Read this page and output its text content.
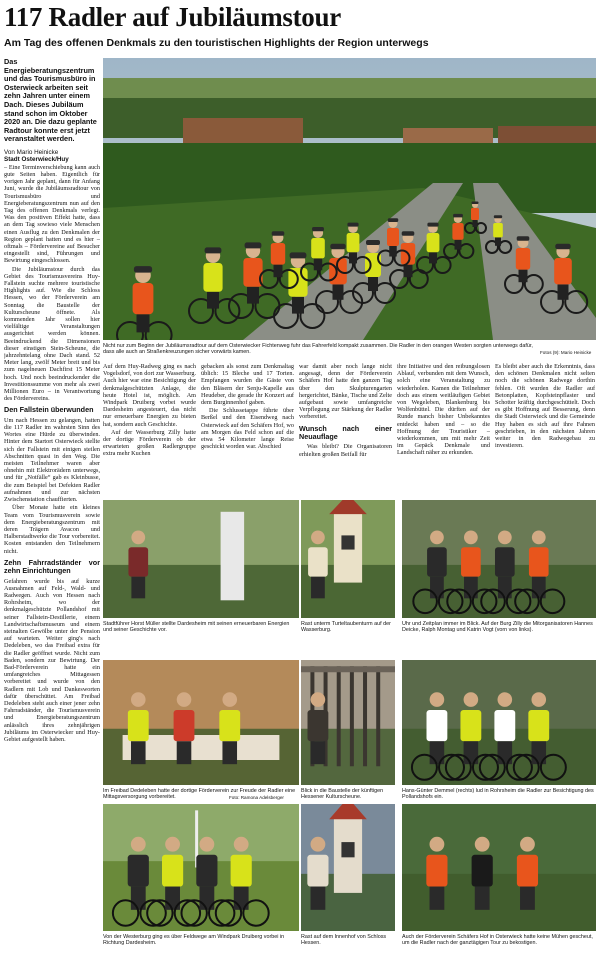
117 Radler auf Jubiläumstour
Am Tag des offenen Denkmals zu den touristischen Highlights der Region unterwegs
Das Energieberatungszentrum und das Tourismusbüro in Osterwieck arbeiten seit zehn Jahren unter einem Dach. Dieses Jubiläum stand schon im Oktober 2020 an. Die dazu geplante Radtour konnte erst jetzt veranstaltet werden.
Von Mario Heinicke
Stadt Osterwieck/Huy
– Eine Terminverschiebung kann auch gute Seiten haben. Eigentlich für vorigen Jahr geplant, dann für Anfang Juni, wurde die Jubiläumsradtour von Tourismusbüro und Energieberatungszentrum nun auf den Tag des offenen Denkmals verlegt. Was den positiven Effekt hatte, dass an dem Tag sowieso viele Menschen einen Ausflug zu den Denkmalen der Region geplant hatten und es hier – oftmals – Fördervereine auf Besucher eingestellt sind, Führungen und Bewirtung eingeschlossen.
Die Jubiläumstour durch das Gebiet des Tourismusvereins Huy-Fallstein suchte mehrere touristische Highlights auf. Wie die Schloss Hessen, wo der Förderverein am Sonntag die Baustelle der Kulturscheune öffnete. Als kommenden Jahr sollen hier vielfältige Veranstaltungen ausgerichtet werden können. Beeindruckend die Dimensionen dieser einstigen Stein-Scheune, die jahrzehntelang ohne Dach stand. 52 Meter lang, zwölf Meter breit und bis zum nagelneuen Dachfirst 15 Meter hoch. Und noch beeindruckender die Investitionssumme von mehr als zwei Millionen Euro – in Verantwortung des Fördervereins.
Den Fallstein überwunden
Um nach Hessen zu gelangen, hatten die 117 Radler im wahrsten Sinn des Wortes eine Hürde zu überwinden. Hinter dem Startort Osterwieck stellte sich der Fallstein mit einigen steilen Abschnitten quasi in den Weg. Die meisten Teilnehmer waren aber ohnehin mit Elektrorädern unterwegs, und für „Notfälle“ gab es Kleinbusse, die zum Beispiel bei Defekten Radler aufnahmen und zur nächsten Zwischenstation chauffierten.
Über Monate hatte ein kleines Team vom Tourismusverein sowie dem Energieberatungszentrum mit deren Trägern Avacon und Halberstadtwerke die Tour vorbereitet. Kosten entstanden den Teilnehmern nicht.
Zehn Fahrradständer vor zehn Einrichtungen
Gefahren wurde bis auf kurze Ausnahmen auf Feld-, Wald- und Radwegen. Auch von Hessen nach Rohrsheim, wo der denkmalgeschützte Pollandshof mit seiner Fallstein-Destillerie, einem Landwirtschaftsmuseum und einem steinalten Gewölbe unter der Pension auf warteten. Weiter ging's nach Dedeleben, wo das Freibad extra für die Radler geöffnet wurde. Nicht zum Baden, sondern zur Bewirtung. Der Bad-Förderverein hatte ein umfangreiches Mittagessen vorbereitet und wurde von den Radlern mit Lob und Dankesworten dafür überschüttet. Am Freibad Dedeleben steht auch einer jener zehn Fahrradständer, die Tourismusverein und Energieberatungszentrum anlässlich ihres zehnjährigen Jubiläums im Osterwiecker und Huy-Gebiet aufgestellt haben.
Nicht nur zum Beginn der Jubiläumsradtour auf dem Osterwiecker Fichtenweg fuhr das Fahrerfeld kompakt zusammen. Die Radler in den orangen Westen sorgten unterwegs dafür, dass alle auch an Straßenkreuzungen sicher vorwärts kamen.	Fotos (9): Mario Heinicke
Auf dem Huy-Radweg ging es nach Vogelsdorf, von dort zur Wasserburg. Auch hier war eine Besichtigung der denkmalgeschützten Anlage, die heute Hotel ist, möglich. Am Windpark Druiberg vorbei wurde Dardesheim angesteuert, das nicht nur erneuerbare Energien zu bieten hat, sondern auch Geschichte.
Auf der Wasserburg Zilly hatte der dortige Förderverein ob der erwarteten großen Radlergruppe extra mehr Kuchen
gebacken als sonst zum Denkmaltag üblich: 15 Bleche und 17 Torten. Empfangen wurden die Gäste von den Bläsern der Senju-Kapelle aus Heudeber, die gerade ihr Konzert auf dem Burginnenhof gaben.
Die Schlussetappe führte über Berßel und den Eisendweg nach Osterwieck auf den Schäfers Hof, wo am Morgen das Feld schon auf die etwa 54 Kilometer lange Reise geschickt worden war. Abschied
war damit aber noch lange nicht angesagt, denn der Förderverein Schäfers Hof hatte den ganzen Tag über den Skulpturengarten hergerichtet, Bänke, Tische und Zelte aufgebaut sowie umfangreiche Verpflegung zur Stärkung der Radler vorbereitet.
Wunsch nach einer Neuauflage
Was bleibt? Die Organisatoren erhielten großen Beifall für
ihre Initiative und den reibungslosen Ablauf, verbunden mit dem Wunsch, solch eine Veranstaltung zu wiederholen. Kamen die Teilnehmer doch aus einem weitläufigen Gebiet von Wegeleben, Blankenburg bis Wolfenbüttel. Die dürften auf der Runde manch bisher Unbekanntes entdeckt haben und – so die Hoffnung der Touristiker – wiederkommen, um mit mehr Zeit im Gepäck Denkmale und Landschaft näher zu erkunden.
Es bleibt aber auch die Erkenntnis, dass den schönen Denkmalen nicht selten noch die schönen Radwege dorthin fehlen. Oft wurden die Radler auf Betonplatten, Kopfsteinpflaster und Schotter kräftig durchgeschüttelt. Doch es gibt Hoffnung auf Besserung, denn die Stadt Osterwieck und die Gemeinde Huy haben es sich auf ihre Fahnen geschrieben, in den nächsten Jahren weiter in den Radwegebau zu investieren.
Stadtführer Horst Müller stellte Dardesheim mit seinen erneuerbaren Energien und seiner Geschichte vor.
Rast unterm Turteltaubenturm auf der Wasserburg.
Uhr und Zeitplan immer im Blick. Auf der Burg Zilly die Mitorganisatoren Hannes Deicke, Ralph Montag und Katrin Vogt (vorn von links).
Im Freibad Dedeleben hatte der dortige Förderverein zur Freude der Radler eine Mittagsversorgung vorbereitet.	Foto: Ramona Adelsberger
Blick in die Baustelle der künftigen Hessener Kulturscheune.
Hans-Günter Demmel (rechts) lud in Rohrsheim die Radler zur Besichtigung des Pollandshofs ein.
Von der Westerburg ging es über Feldwege am Windpark Druiberg vorbei in Richtung Dardesheim.
Rast auf dem Innenhof von Schloss Hessen.
Auch der Förderverein Schäfers Hof in Osterwieck hatte keine Mühen gescheut, um die Radler nach der ganztägigen Tour zu bekostigen.
